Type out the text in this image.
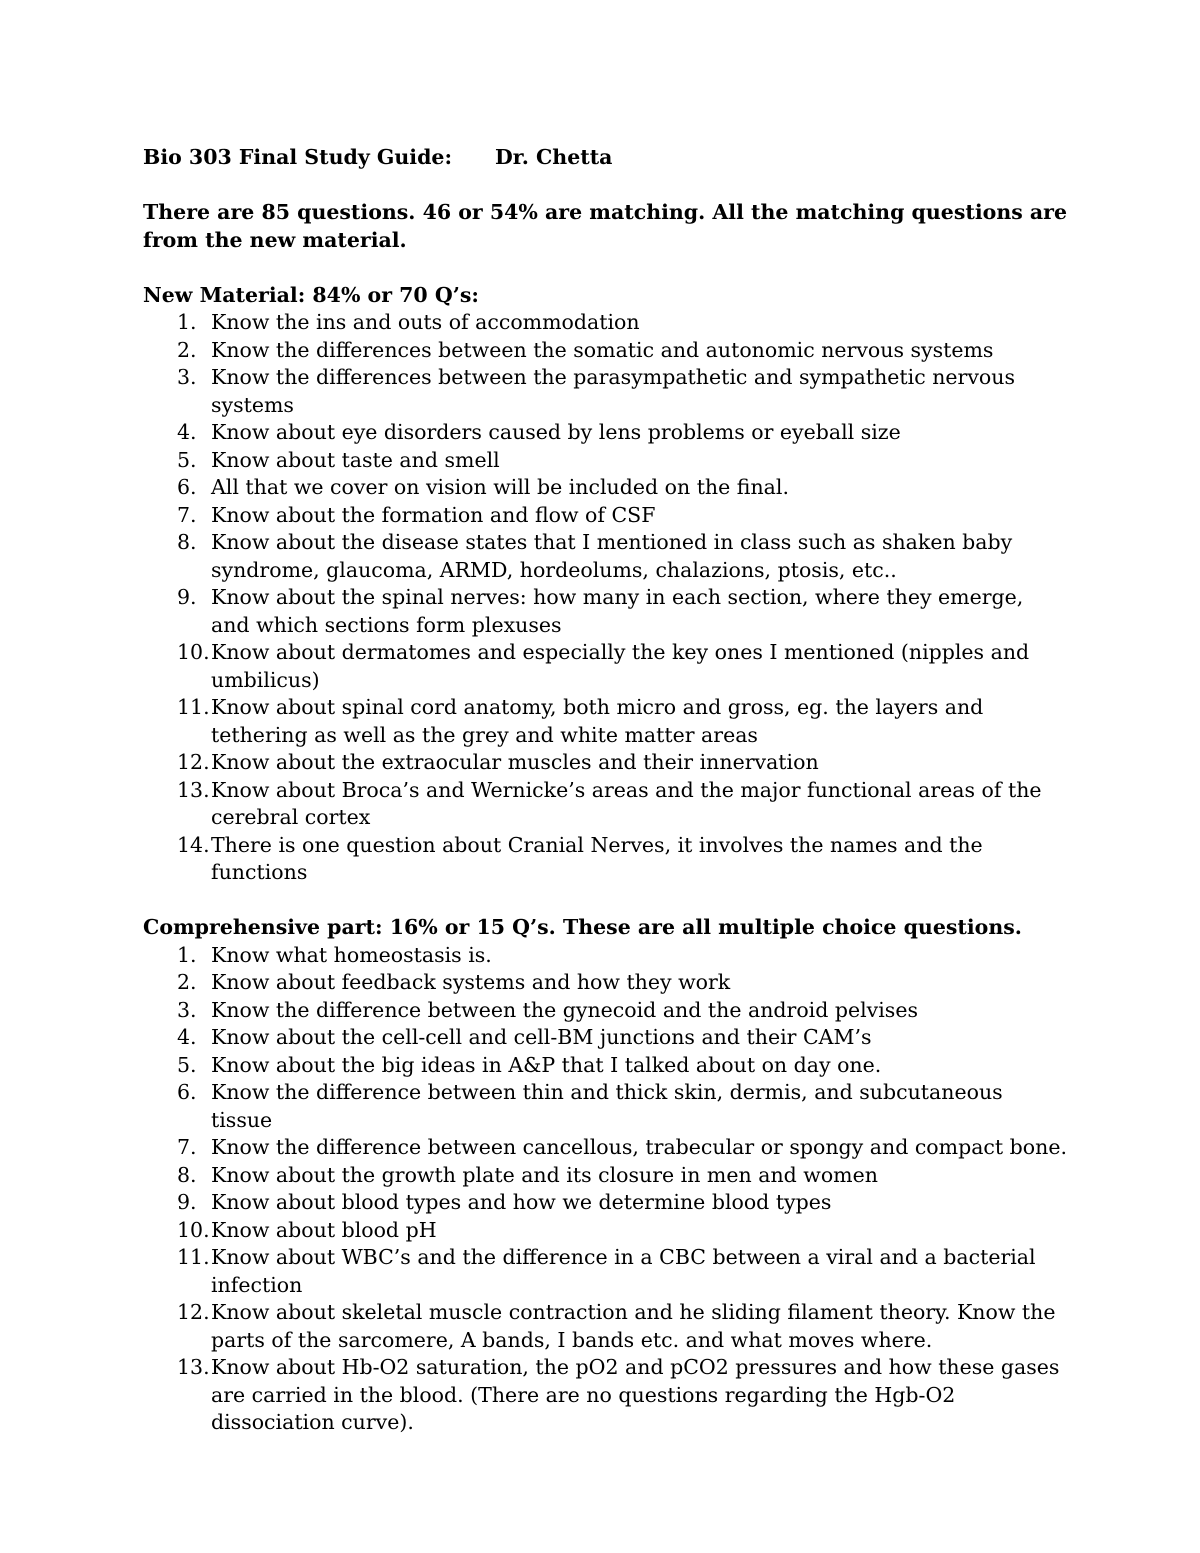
Bio 303 Final Study Guide:	Dr. Chetta
There are 85 questions. 46 or 54% are matching. All the matching questions are from the new material.
New Material: 84% or 70 Q’s:
1. Know the ins and outs of accommodation
2. Know the differences between the somatic and autonomic nervous systems
3. Know the differences between the parasympathetic and sympathetic nervous systems
4. Know about eye disorders caused by lens problems or eyeball size
5. Know about taste and smell
6. All that we cover on vision will be included on the final.
7. Know about the formation and flow of CSF
8. Know about the disease states that I mentioned in class such as shaken baby syndrome, glaucoma, ARMD, hordeolums, chalazions, ptosis, etc..
9. Know about the spinal nerves: how many in each section, where they emerge, and which sections form plexuses
10. Know about dermatomes and especially the key ones I mentioned (nipples and umbilicus)
11. Know about spinal cord anatomy, both micro and gross, eg. the layers and tethering as well as the grey and white matter areas
12. Know about the extraocular muscles and their innervation
13. Know about Broca’s and Wernicke’s areas and the major functional areas of the cerebral cortex
14. There is one question about Cranial Nerves, it involves the names and the functions
Comprehensive part: 16% or 15 Q’s. These are all multiple choice questions.
1. Know what homeostasis is.
2. Know about feedback systems and how they work
3. Know the difference between the gynecoid and the android pelvises
4. Know about the cell-cell and cell-BM junctions and their CAM’s
5. Know about the big ideas in A&P that I talked about on day one.
6. Know the difference between thin and thick skin, dermis, and subcutaneous tissue
7. Know the difference between cancellous, trabecular or spongy and compact bone.
8. Know about the growth plate and its closure in men and women
9. Know about blood types and how we determine blood types
10. Know about blood pH
11. Know about WBC’s and the difference in a CBC between a viral and a bacterial infection
12. Know about skeletal muscle contraction and he sliding filament theory. Know the parts of the sarcomere, A bands, I bands etc. and what moves where.
13. Know about Hb-O2 saturation, the pO2 and pCO2 pressures and how these gases are carried in the blood. (There are no questions regarding the Hgb-O2 dissociation curve).
